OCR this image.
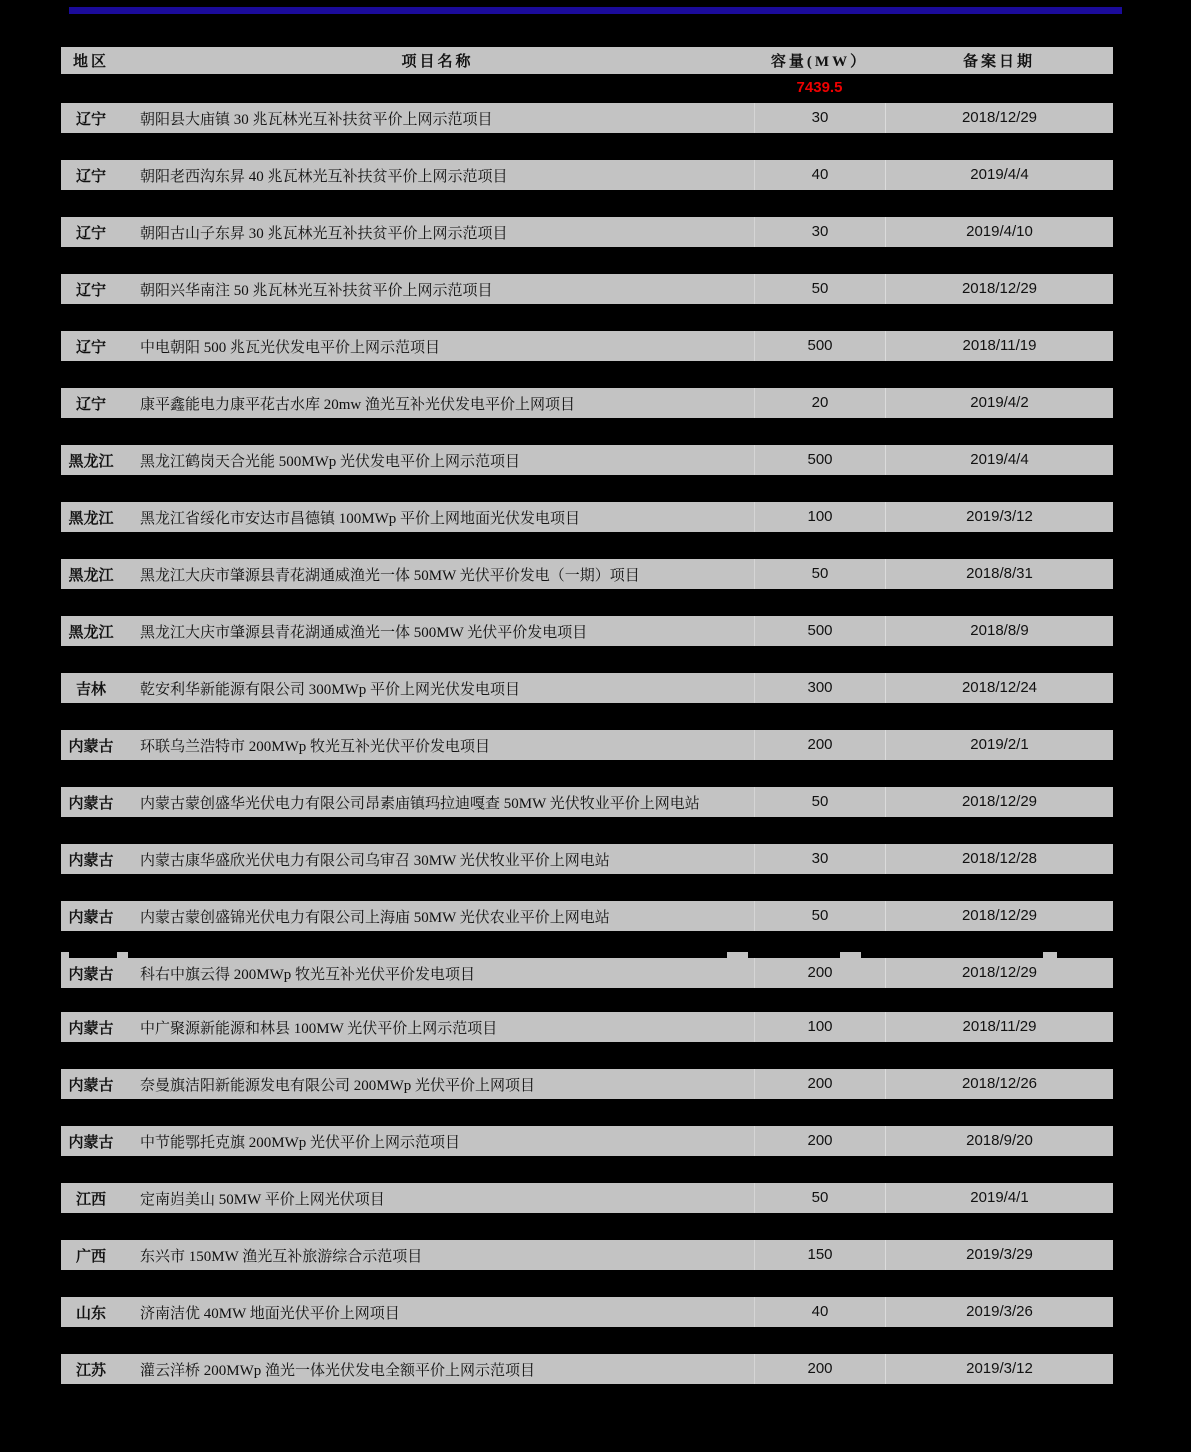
地区	项目名称	容量(MW）	备案日期
7439.5
辽宁	朝阳县大庙镇 30 兆瓦林光互补扶贫平价上网示范项目	30	2018/12/29
辽宁	朝阳老西沟东昇 40 兆瓦林光互补扶贫平价上网示范项目	40	2019/4/4
辽宁	朝阳古山子东昇 30 兆瓦林光互补扶贫平价上网示范项目	30	2019/4/10
辽宁	朝阳兴华南注 50 兆瓦林光互补扶贫平价上网示范项目	50	2018/12/29
辽宁	中电朝阳 500 兆瓦光伏发电平价上网示范项目	500	2018/11/19
辽宁	康平鑫能电力康平花古水库 20mw 渔光互补光伏发电平价上网项目	20	2019/4/2
黑龙江	黑龙江鹤岗天合光能 500MWp 光伏发电平价上网示范项目	500	2019/4/4
黑龙江	黑龙江省绥化市安达市昌德镇 100MWp 平价上网地面光伏发电项目	100	2019/3/12
黑龙江	黑龙江大庆市肇源县青花湖通威渔光一体 50MW 光伏平价发电（一期）项目	50	2018/8/31
黑龙江	黑龙江大庆市肇源县青花湖通威渔光一体 500MW 光伏平价发电项目	500	2018/8/9
吉林	乾安利华新能源有限公司 300MWp 平价上网光伏发电项目	300	2018/12/24
内蒙古	环联乌兰浩特市 200MWp 牧光互补光伏平价发电项目	200	2019/2/1
内蒙古	内蒙古蒙创盛华光伏电力有限公司昂素庙镇玛拉迪嘎查 50MW 光伏牧业平价上网电站	50	2018/12/29
内蒙古	内蒙古康华盛欣光伏电力有限公司乌审召 30MW 光伏牧业平价上网电站	30	2018/12/28
内蒙古	内蒙古蒙创盛锦光伏电力有限公司上海庙 50MW 光伏农业平价上网电站	50	2018/12/29
内蒙古	科右中旗云得 200MWp 牧光互补光伏平价发电项目	200	2018/12/29
内蒙古	中广聚源新能源和林县 100MW 光伏平价上网示范项目	100	2018/11/29
内蒙古	奈曼旗洁阳新能源发电有限公司 200MWp 光伏平价上网项目	200	2018/12/26
内蒙古	中节能鄂托克旗 200MWp 光伏平价上网示范项目	200	2018/9/20
江西	定南岿美山 50MW 平价上网光伏项目	50	2019/4/1
广西	东兴市 150MW 渔光互补旅游综合示范项目	150	2019/3/29
山东	济南洁优 40MW 地面光伏平价上网项目	40	2019/3/26
江苏	灌云洋桥 200MWp 渔光一体光伏发电全额平价上网示范项目	200	2019/3/12
